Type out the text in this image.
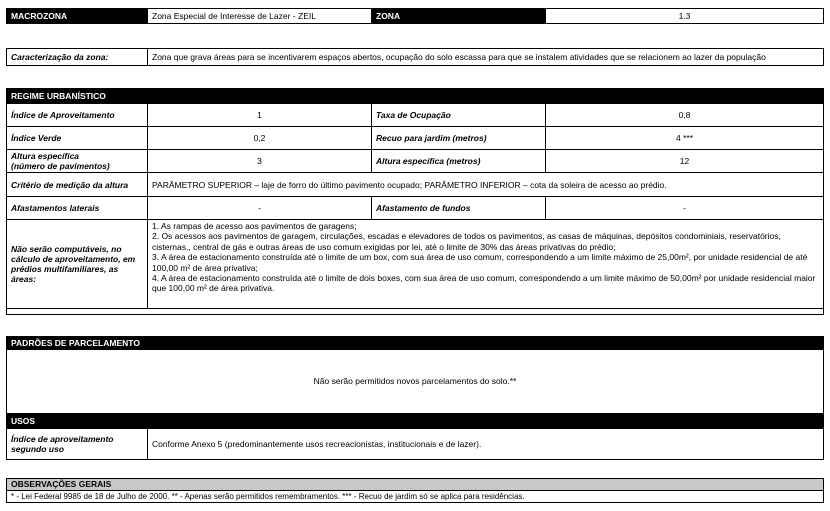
MACROZONA	Zona Especial de Interesse de Lazer - ZEIL	ZONA	1.3
Caracterização da zona:	Zona que grava áreas para se incentivarem espaços abertos, ocupação do solo escassa para que se instalem atividades que se relacionem ao lazer da população
REGIME URBANÍSTICO
Índice de Aproveitamento	1	Taxa de Ocupação	0,8
Índice Verde	0,2	Recuo para jardim (metros)	4 ***
Altura específica
(número de pavimentos)	3	Altura específica (metros)	12
Critério de medição da altura	PARÂMETRO SUPERIOR – laje de forro do último pavimento ocupado; PARÂMETRO INFERIOR – cota da soleira de acesso ao prédio.		
Afastamentos laterais	-	Afastamento de fundos	-
Não serão computáveis, no cálculo de aproveitamento, em prédios multifamiliares, as áreas:	1. As rampas de acesso aos pavimentos de garagens;

2. Os acessos aos pavimentos de garagem, circulações, escadas e elevadores de todos os pavimentos, as casas de máquinas, depósitos condominiais, reservatórios, cisternas,, central de gás e outras áreas de uso comum exigidas por lei, até o limite de 30% das áreas privativas do prédio;

3. A área de estacionamento construída até o limite de um box, com sua área de uso comum, correspondendo a um limite máximo de 25,00m², por unidade residencial de até 100,00 m² de área privativa;

4. A área de estacionamento construída até o limite de dois boxes, com sua área de uso comum, correspondendo a um limite máximo de 50,00m² por unidade residencial maior que 100,00 m² de área privativa.		

PADRÕES DE PARCELAMENTO
Não serão permitidos novos parcelamentos do solo.**
USOS
Índice de aproveitamento segundo uso	Conforme Anexo 5 (predominantemente usos recreacionistas, institucionais e de lazer).
OBSERVAÇÕES GERAIS
* - Lei Federal 9985 de 18 de Julho de 2000. ** - Apenas serão permitidos remembramentos. *** - Recuo de jardim só se aplica para residências.
